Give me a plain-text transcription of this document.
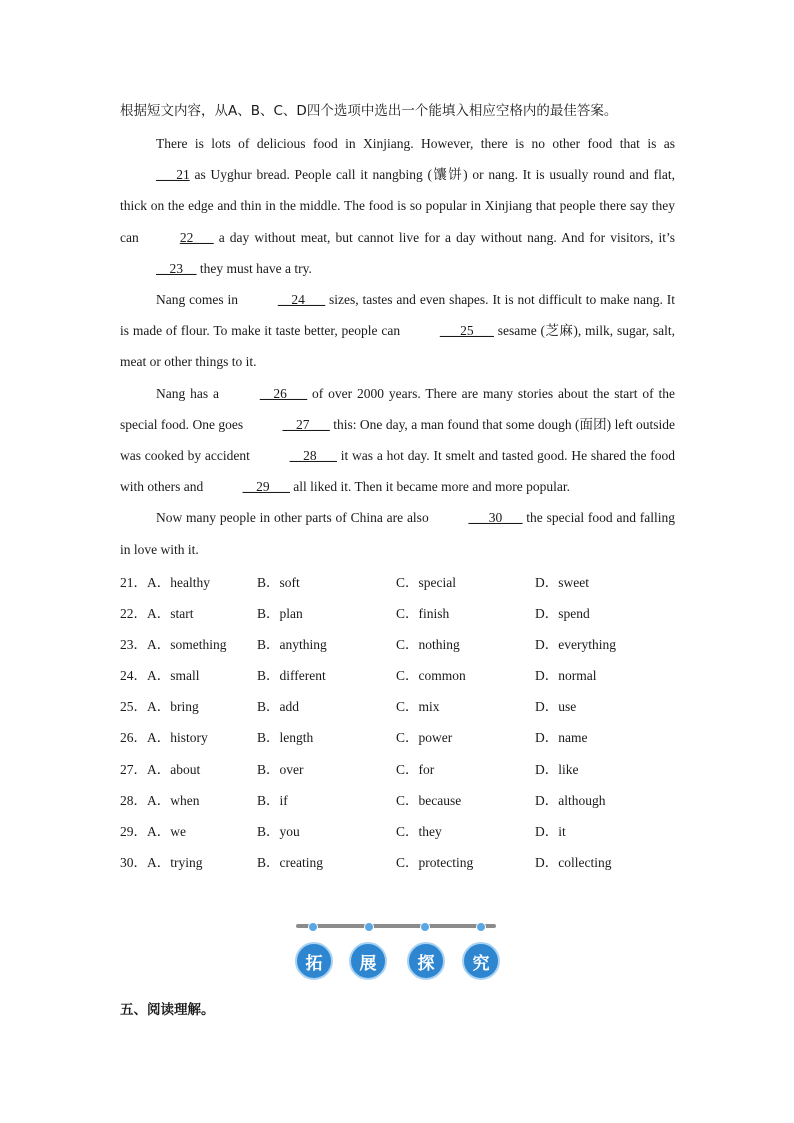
根据短文内容，从A、B、C、D四个选项中选出一个能填入相应空格内的最佳答案。

There is lots of delicious food in Xinjiang. However, there is no other food that is as ___21 as Uyghur bread. People call it nangbing (馕饼) or nang. It is usually round and flat, thick on the edge and thin in the middle. The food is so popular in Xinjiang that people there say they can	22___ a day without meat, but cannot live for a day without nang. And for visitors, it’s __23__ they must have a try.

Nang comes in	__24___ sizes, tastes and even shapes. It is not difficult to make nang. It is made of flour. To make it taste better, people can	___25___ sesame (芝麻), milk, sugar, salt, meat or other things to it.

Nang has a	__26___ of over 2000 years. There are many stories about the start of the special food. One goes	__27___ this: One day, a man found that some dough (面团) left outside was cooked by accident	__28___ it was a hot day. It smelt and tasted good. He shared the food with others and	__29___ all liked it. Then it became more and more popular.

Now many people in other parts of China are also	___30___ the special food and falling in love with it.

21．A．healthy	B．soft	C．special	D．sweet
22．A．start	B．plan	C．finish	D．spend
23．A．something B．anything	C．nothing	D．everything
24．A．small	B．different	C．common	D．normal
25．A．bring	B．add	C．mix	D．use
26．A．history	B．length	C．power	D．name
27．A．about	B．over	C．for	D．like
28．A．when	B．if	C．because	D．although
29．A．we	B．you	C．they	D．it
30．A．trying	B．creating	C．protecting	D．collecting
拓	展	探	究
五、阅读理解。
